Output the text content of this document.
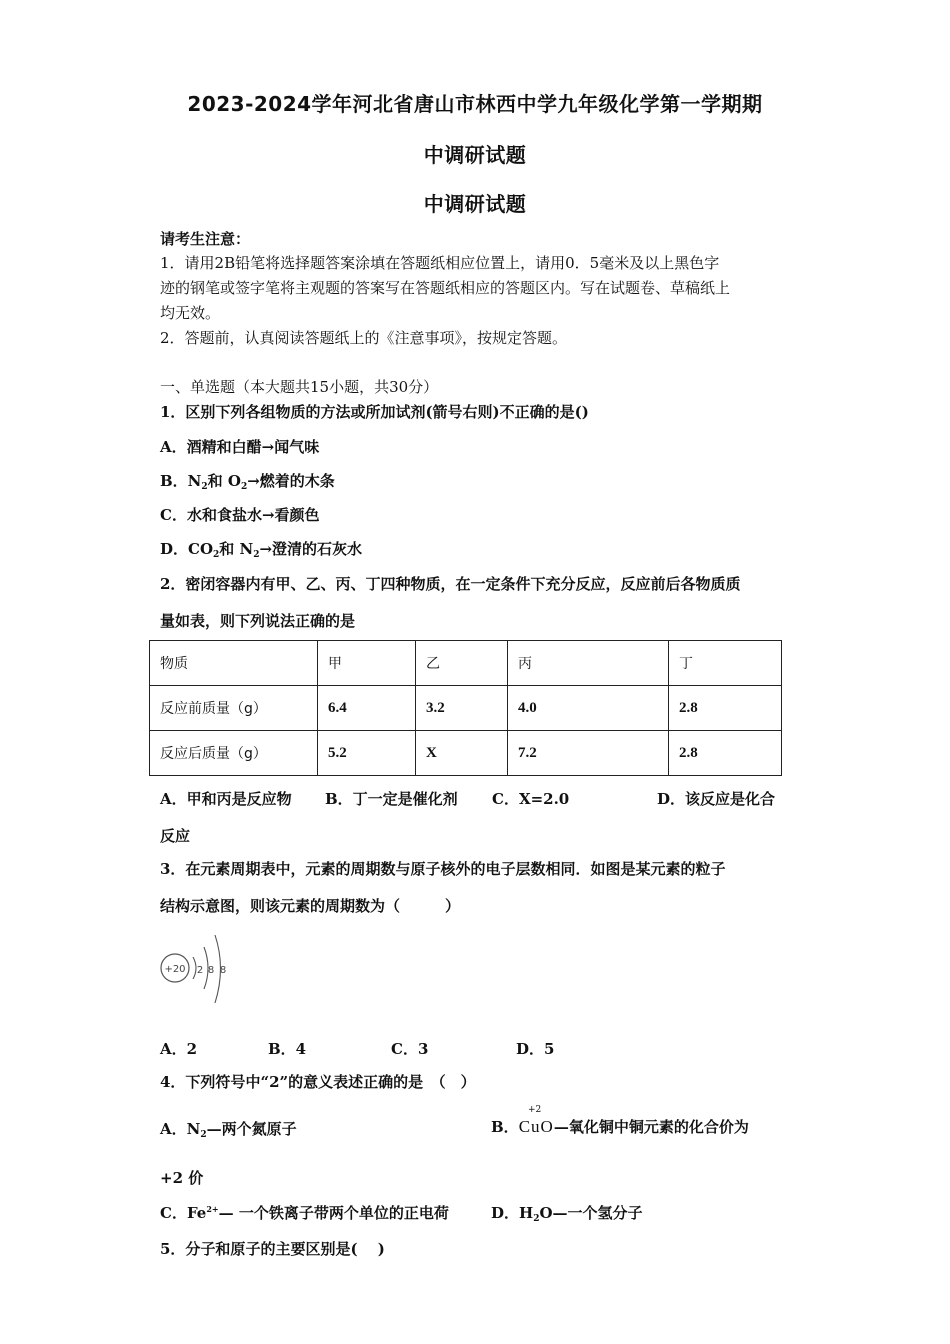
2023-2024学年河北省唐山市林西中学九年级化学第一学期期
中调研试题
中调研试题
请考生注意：
1．请用2B铅笔将选择题答案涂填在答题纸相应位置上，请用0．5毫米及以上黑色字
迹的钢笔或签字笔将主观题的答案写在答题纸相应的答题区内。写在试题卷、草稿纸上
均无效。
2．答题前，认真阅读答题纸上的《注意事项》，按规定答题。
一、单选题（本大题共15小题，共30分）
1．区别下列各组物质的方法或所加试剂(箭号右则)不正确的是()
A．酒精和白醋→闻气味
B．$N_2$和 $O_2\to$燃着的木条
C．水和食盐水→看颜色
D．$CO_2$和 $N_2\to$澄清的石灰水
2．密闭容器内有甲、乙、丙、丁四种物质，在一定条件下充分反应，反应前后各物质质
量如表，则下列说法正确的是
物质	甲	乙	丙	丁
反应前质量（g）	6.4	3.2	4.0	2.8
反应后质量（g）	5.2	X	7.2	2.8
A．甲和丙是反应物 B．丁一定是催化剂 C．X=2.0	D．该反应是化合
反应
3．在元素周期表中，元素的周期数与原子核外的电子层数相同．如图是某元素的粒子
结构示意图，则该元素的周期数为（　　　）
+20 2 8 8
A．2	B．4	C．3	D．5
4．下列符号中“2”的意义表述正确的是　（　）
A．$N_2—$两个氮原子	B．CuO—氧化铜中铜元素的化合价为
+2
+2 价
C．$Fe^{2+}—$ 一个铁离子带两个单位的正电荷	D．$H_2O—$一个氢分子
5．分子和原子的主要区别是(　 )
